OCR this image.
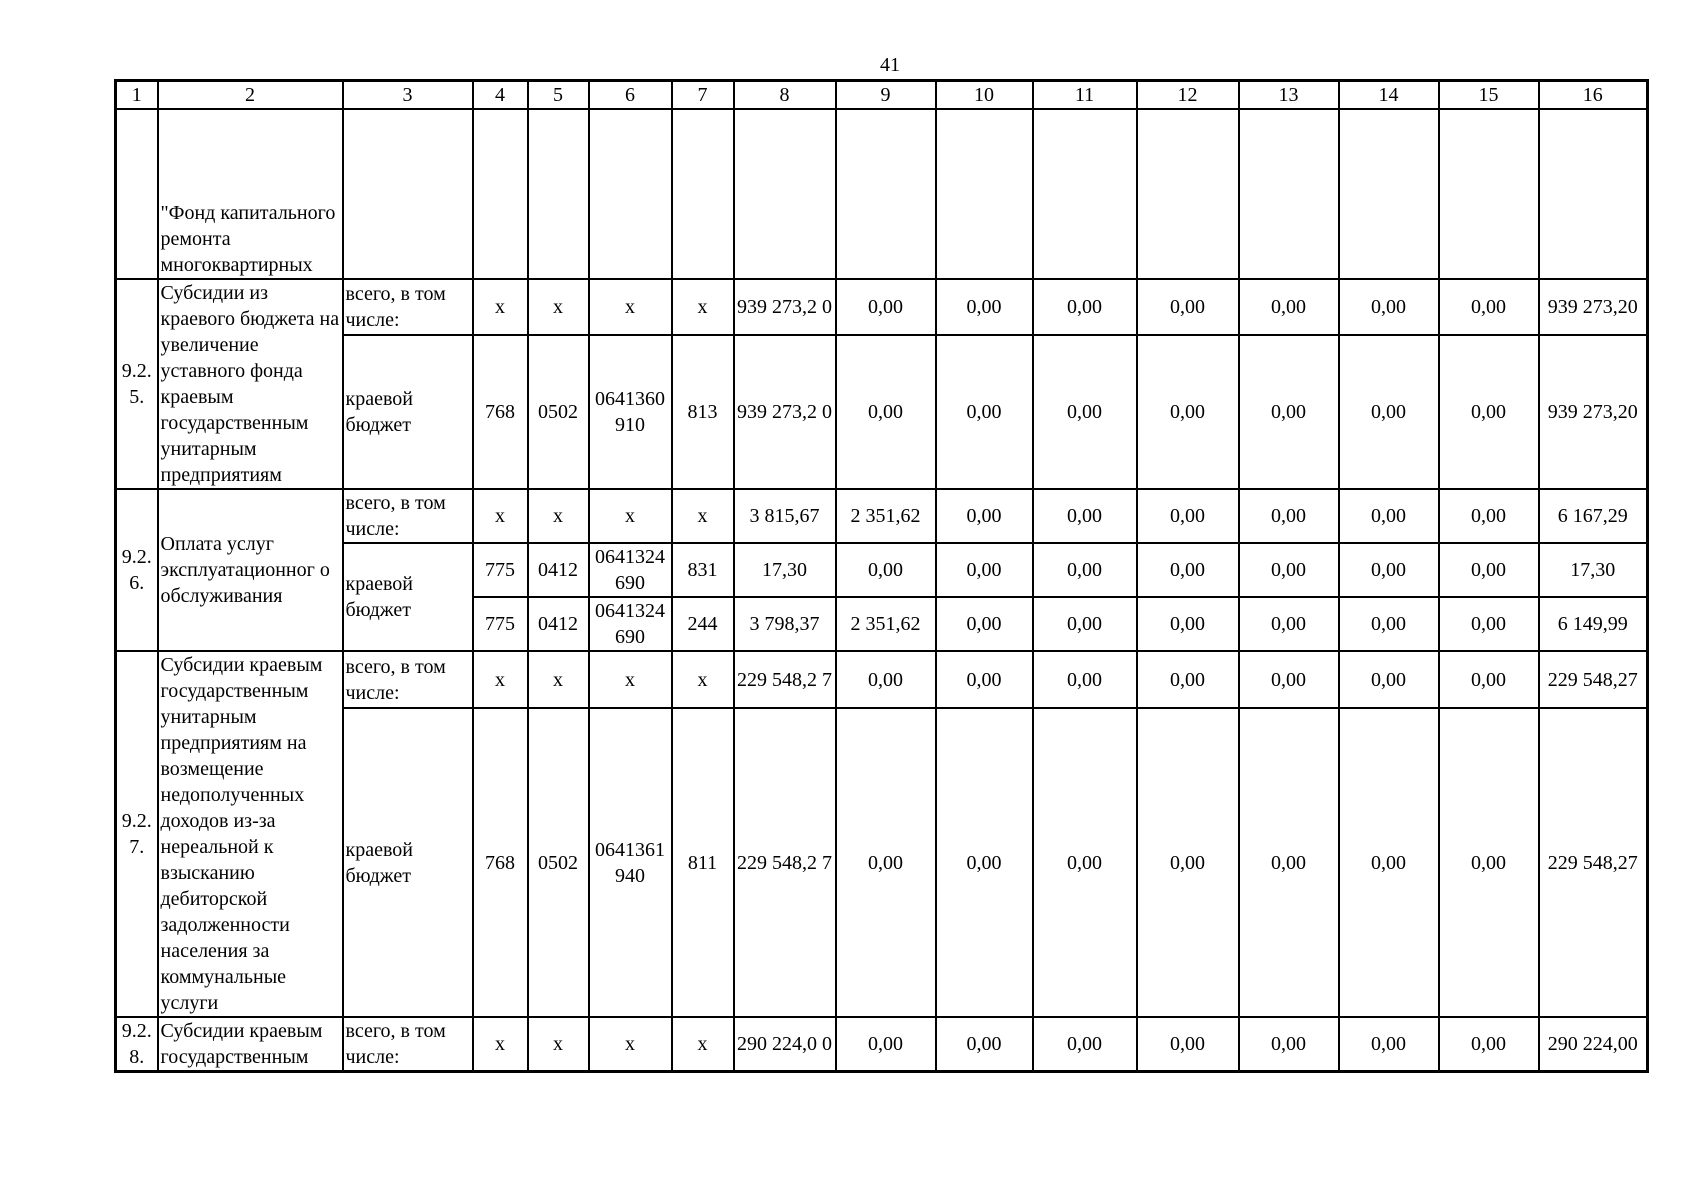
41
1	2	3	4	5	6	7	8	9	10	11	12	13	14	15	16
	"Фонд капитального ремонта многоквартирных														
9.2. 5.	Субсидии из краевого бюджета на увеличение уставного фонда краевым государственным унитарным предприятиям	всего, в том числе:	x	x	x	x	939 273,2 0	0,00	0,00	0,00	0,00	0,00	0,00	0,00	939 273,20
		краевой бюджет	768	0502	0641360 910	813	939 273,2 0	0,00	0,00	0,00	0,00	0,00	0,00	0,00	939 273,20
9.2. 6.	Оплата услуг эксплуатационног о обслуживания	всего, в том числе:	x	x	x	x	3 815,67	2 351,62	0,00	0,00	0,00	0,00	0,00	0,00	6 167,29
		краевой бюджет	775	0412	0641324 690	831	17,30	0,00	0,00	0,00	0,00	0,00	0,00	0,00	17,30
			775	0412	0641324 690	244	3 798,37	2 351,62	0,00	0,00	0,00	0,00	0,00	0,00	6 149,99
9.2. 7.	Субсидии краевым государственным унитарным предприятиям на возмещение недополученных доходов из-за нереальной к взысканию дебиторской задолженности населения за коммунальные услуги	всего, в том числе:	x	x	x	x	229 548,2 7	0,00	0,00	0,00	0,00	0,00	0,00	0,00	229 548,27
		краевой бюджет	768	0502	0641361 940	811	229 548,2 7	0,00	0,00	0,00	0,00	0,00	0,00	0,00	229 548,27
9.2. 8.	Субсидии краевым государственным	всего, в том числе:	x	x	x	x	290 224,0 0	0,00	0,00	0,00	0,00	0,00	0,00	0,00	290 224,00
